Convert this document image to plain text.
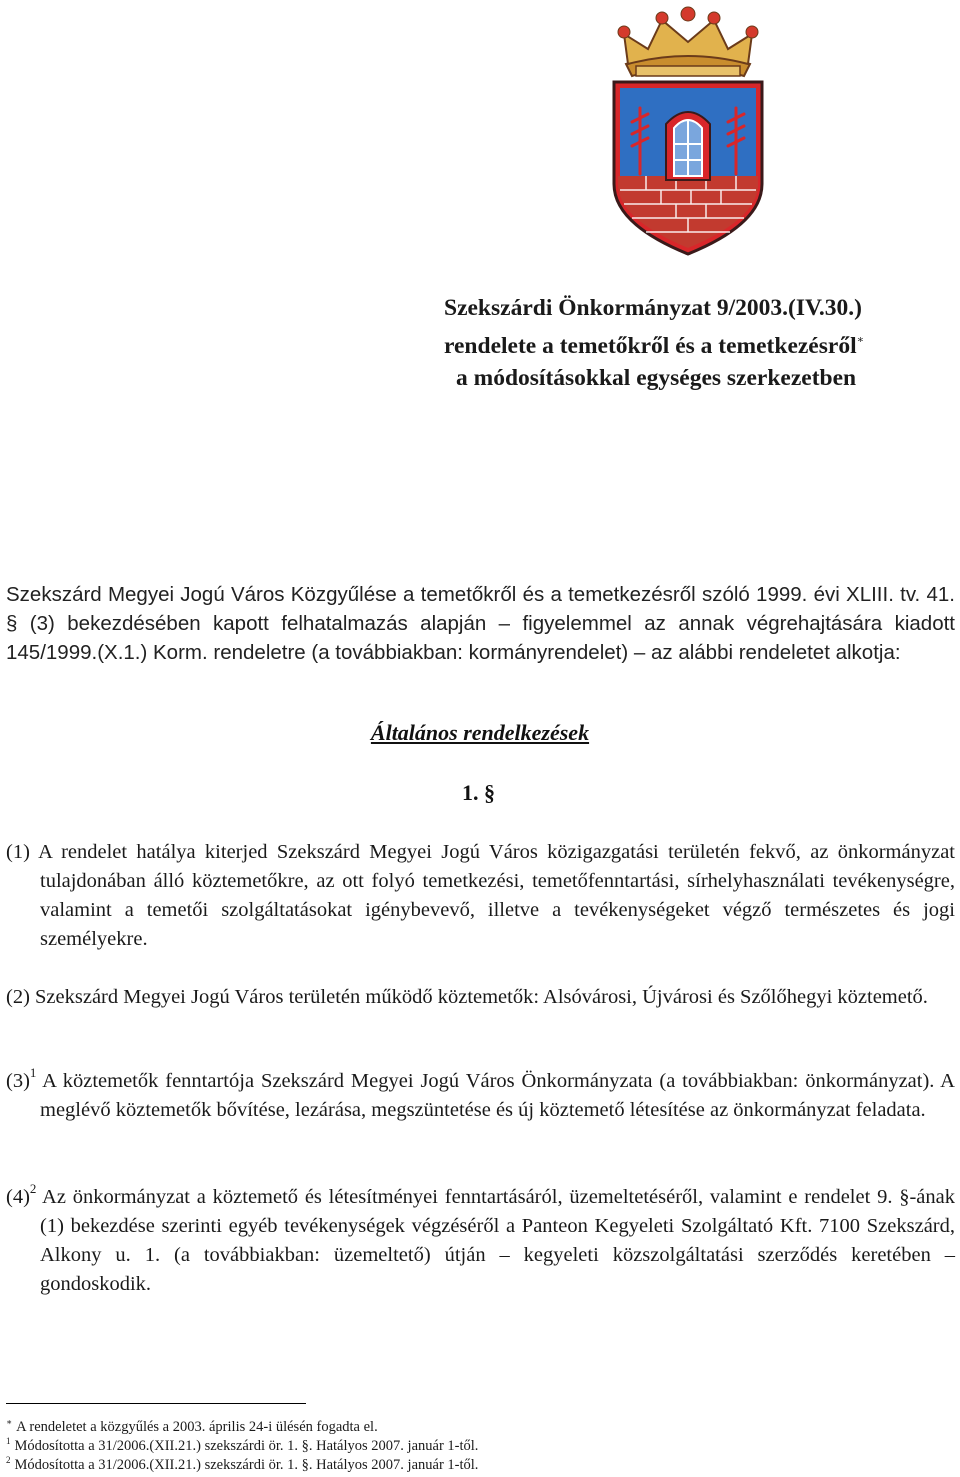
Szekszárdi Önkormányzat 9/2003.(IV.30.)
rendelete a temetőkről és a temetkezésről∗
a módosításokkal egységes szerkezetben
Szekszárd Megyei Jogú Város Közgyűlése a temetőkről és a temetkezésről szóló 1999. évi XLIII. tv. 41. § (3) bekezdésében kapott felhatalmazás alapján – figyelemmel az annak végrehajtására kiadott 145/1999.(X.1.) Korm. rendeletre (a továbbiakban: kormányrendelet) – az alábbi rendeletet alkotja:
Általános rendelkezések
1. §
(1) A rendelet hatálya kiterjed Szekszárd Megyei Jogú Város közigazgatási területén fekvő, az önkormányzat tulajdonában álló köztemetőkre, az ott folyó temetkezési, temetőfenntartási, sírhelyhasználati tevékenységre, valamint a temetői szolgáltatásokat igénybevevő, illetve a tevékenységeket végző természetes és jogi személyekre.
(2) Szekszárd Megyei Jogú Város területén működő köztemetők: Alsóvárosi, Újvárosi és Szőlőhegyi köztemető.
$(3)^1$ A köztemetők fenntartója Szekszárd Megyei Jogú Város Önkormányzata (a továbbiakban: önkormányzat). A meglévő köztemetők bővítése, lezárása, megszüntetése és új köztemető létesítése az önkormányzat feladata.
$(4)^2$ Az önkormányzat a köztemető és létesítményei fenntartásáról, üzemeltetéséről, valamint e rendelet 9. §-ának (1) bekezdése szerinti egyéb tevékenységek végzéséről a Panteon Kegyeleti Szolgáltató Kft. 7100 Szekszárd, Alkony u. 1. (a továbbiakban: üzemeltető) útján – kegyeleti közszolgáltatási szerződés keretében – gondoskodik.
∗ A rendeletet a közgyűlés a 2003. április 24-i ülésén fogadta el.
$^1$ Módosította a 31/2006.(XII.21.) szekszárdi ör. 1. §. Hatályos 2007. január 1-től.
$^2$ Módosította a 31/2006.(XII.21.) szekszárdi ör. 1. §. Hatályos 2007. január 1-től.
